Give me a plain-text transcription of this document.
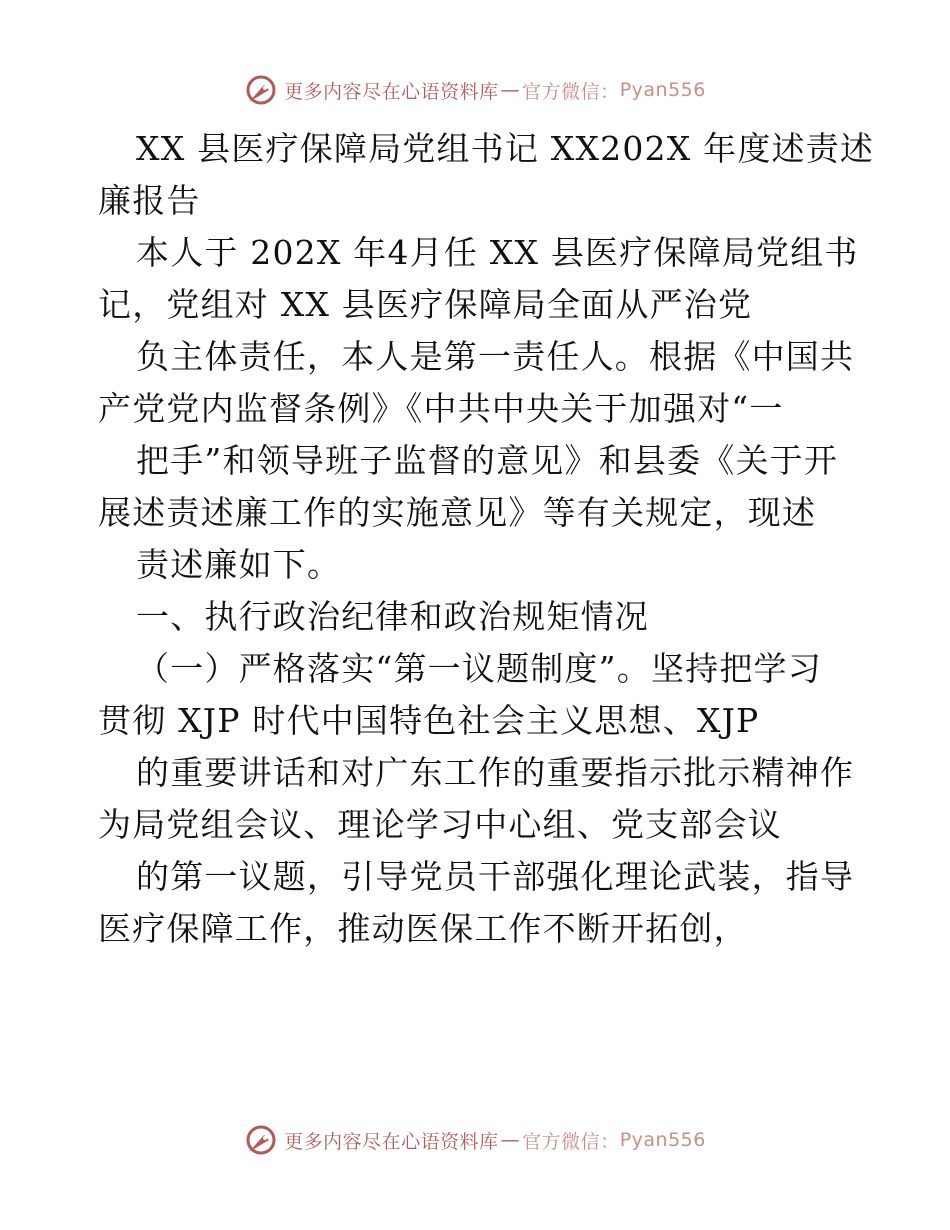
更多内容尽在心语资料库 — 官方微信： Pyan556
XX 县医疗保障局党组书记 XX202X 年度述责述
廉报告
本人于 202X 年4月任 XX 县医疗保障局党组书
记，党组对 XX 县医疗保障局全面从严治党
负主体责任，本人是第一责任人。根据《中国共
产党党内监督条例》《中共中央关于加强对“一
把手”和领导班子监督的意见》和县委《关于开
展述责述廉工作的实施意见》等有关规定，现述
责述廉如下。
一、执行政治纪律和政治规矩情况
（一）严格落实“第一议题制度”。坚持把学习
贯彻 XJP 时代中国特色社会主义思想、XJP
的重要讲话和对广东工作的重要指示批示精神作
为局党组会议、理论学习中心组、党支部会议
的第一议题，引导党员干部强化理论武装，指导
医疗保障工作，推动医保工作不断开拓创，
更多内容尽在心语资料库 — 官方微信： Pyan556
